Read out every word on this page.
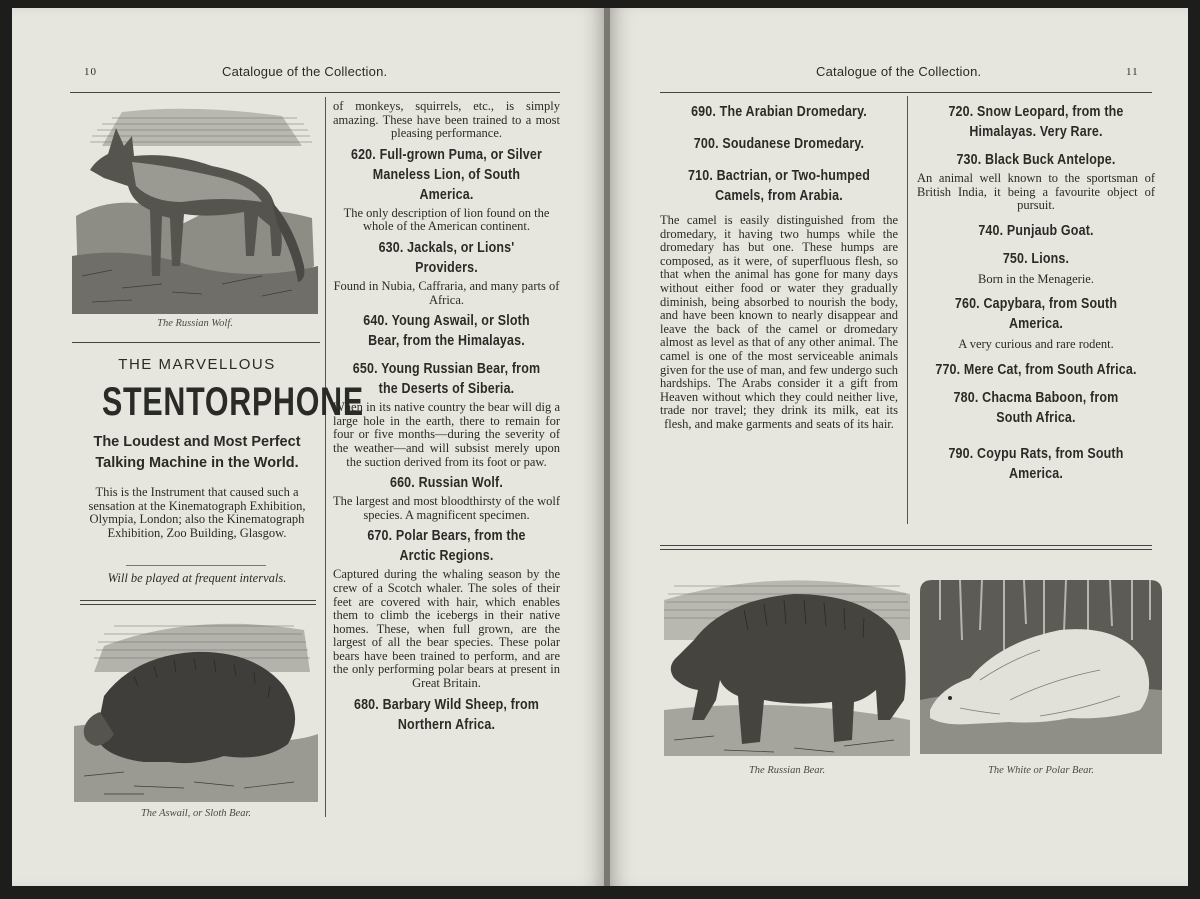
10	Catalogue of the Collection.
The Russian Wolf.
THE MARVELLOUS
STENTORPHONE
The Loudest and Most Perfect
Talking Machine in the World.

This is the Instrument that caused such a sensation at the Kinematograph Exhibition, Olympia, London; also the Kinematograph Exhibition, Zoo Building, Glasgow.

Will be played at frequent intervals.

The Aswail, or Sloth Bear.

of monkeys, squirrels, etc., is simply amazing. These have been trained to a most pleasing performance.

620. Full-grown Puma, or Silver Maneless Lion, of South America.

The only description of lion found on the whole of the American continent.

630. Jackals, or Lions' Providers.

Found in Nubia, Caffraria, and many parts of Africa.

640. Young Aswail, or Sloth Bear, from the Himalayas.

650. Young Russian Bear, from the Deserts of Siberia.

When in its native country the bear will dig a large hole in the earth, there to remain for four or five months—during the severity of the weather—and will subsist merely upon the suction derived from its foot or paw.

660. Russian Wolf.

The largest and most bloodthirsty of the wolf species. A magnificent specimen.

670. Polar Bears, from the Arctic Regions.

Captured during the whaling season by the crew of a Scotch whaler. The soles of their feet are covered with hair, which enables them to climb the icebergs in their native homes. These, when full grown, are the largest of all the bear species. These polar bears have been trained to perform, and are the only performing polar bears at present in Great Britain.

680. Barbary Wild Sheep, from Northern Africa.

Catalogue of the Collection.	11

690. The Arabian Dromedary.

700. Soudanese Dromedary.

710. Bactrian, or Two-humped Camels, from Arabia.

The camel is easily distinguished from the dromedary, it having two humps while the dromedary has but one. These humps are composed, as it were, of superfluous flesh, so that when the animal has gone for many days without either food or water they gradually diminish, being absorbed to nourish the body, and have been known to nearly disappear and leave the back of the camel or dromedary almost as level as that of any other animal. The camel is one of the most serviceable animals given for the use of man, and few undergo such hardships. The Arabs consider it a gift from Heaven without which they could neither live, trade nor travel; they drink its milk, eat its flesh, and make garments and seats of its hair.

720. Snow Leopard, from the Himalayas. Very Rare.

730. Black Buck Antelope.

An animal well known to the sportsman of British India, it being a favourite object of pursuit.

740. Punjaub Goat.

750. Lions.

Born in the Menagerie.

760. Capybara, from South America.

A very curious and rare rodent.

770. Mere Cat, from South Africa.

780. Chacma Baboon, from South Africa.

790. Coypu Rats, from South America.

The Russian Bear.	The White or Polar Bear.
